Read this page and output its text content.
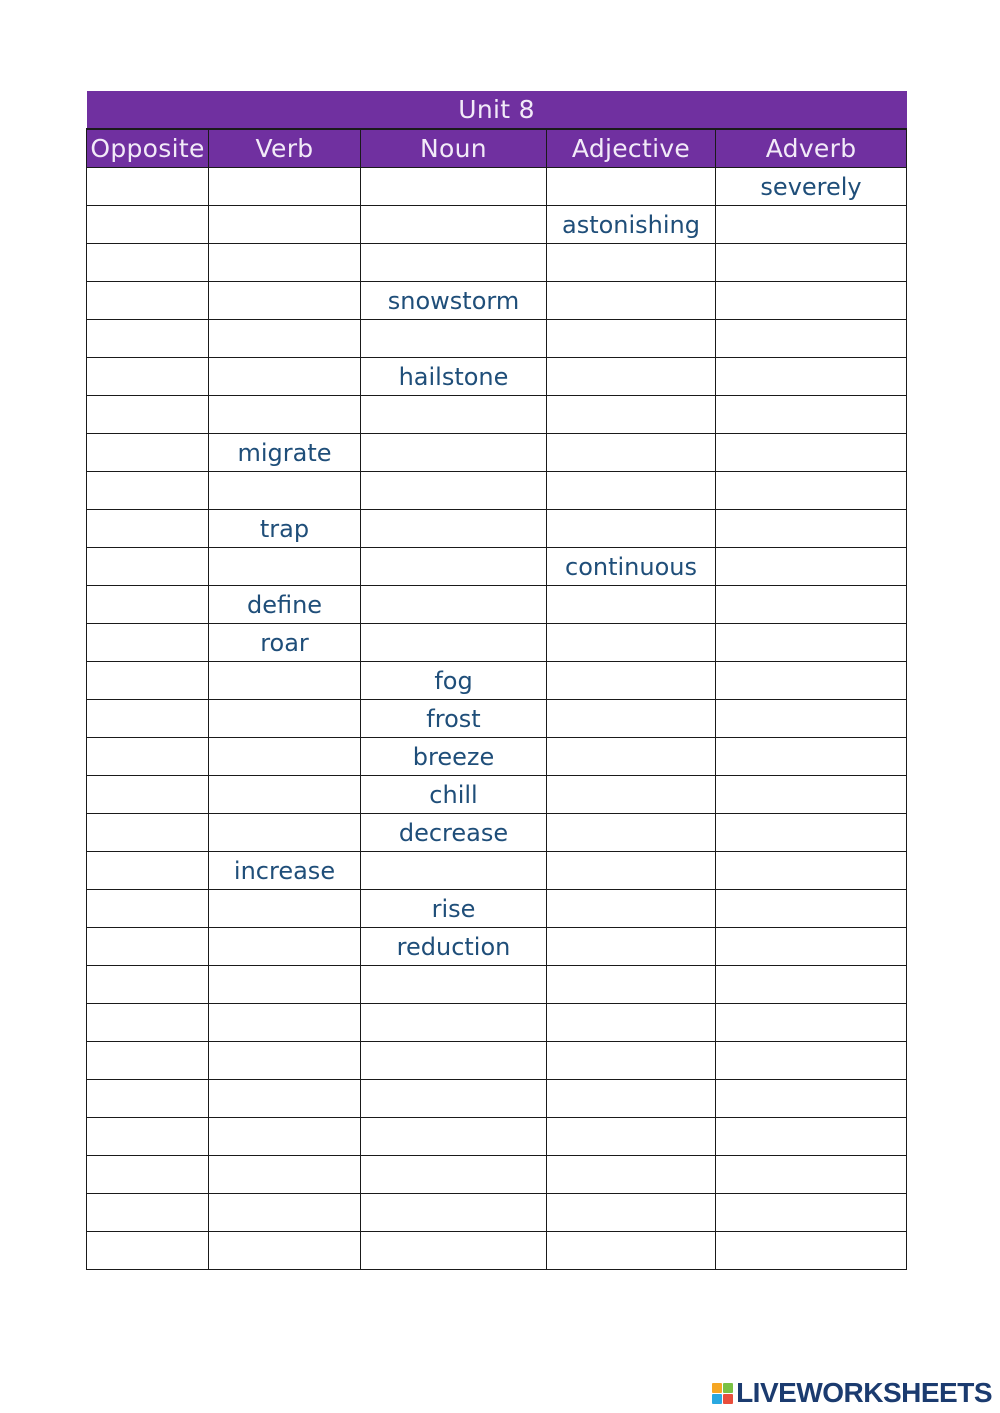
Unit 8				
Opposite	Verb	Noun	Adjective	Adverb
				severely
			astonishing	

		snowstorm		

		hailstone		

	migrate			

	trap			
			continuous	
	define			
	roar			
		fog		
		frost		
		breeze		
		chill		
		decrease		
	increase			
		rise		
		reduction		

LIVEWORKSHEETS
